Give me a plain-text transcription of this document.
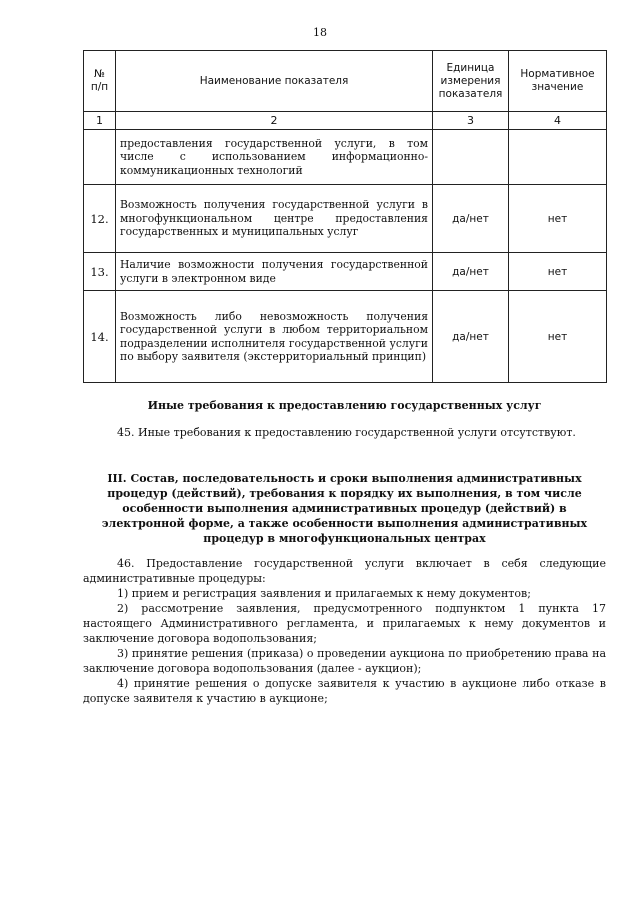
18
№ п/п	Наименование показателя	Единица измерения показателя	Нормативное значение
1	2	3	4
	предоставления государственной услуги, в том числе с использованием информационно-коммуникационных технологий		
12.	Возможность получения государственной услуги в многофункциональном центре предоставления государственных и муниципальных услуг	да/нет	нет
13.	Наличие возможности получения государственной услуги в электронном виде	да/нет	нет
14.	Возможность либо невозможность получения государственной услуги в любом территориальном подразделении исполнителя государственной услуги по выбору заявителя (экстерриториальный принцип)	да/нет	нет
Иные требования к предоставлению государственных услуг

45. Иные требования к предоставлению государственной услуги отсутствуют.

III. Состав, последовательность и сроки выполнения административных процедур (действий), требования к порядку их выполнения, в том числе особенности выполнения административных процедур (действий) в электронной форме, а также особенности выполнения административных процедур в многофункциональных центрах

46. Предоставление государственной услуги включает в себя следующие административные процедуры:

1) прием и регистрация заявления и прилагаемых к нему документов;

2) рассмотрение заявления, предусмотренного подпунктом 1 пункта 17 настоящего Административного регламента, и прилагаемых к нему документов и заключение договора водопользования;

3) принятие решения (приказа) о проведении аукциона по приобретению права на заключение договора водопользования (далее - аукцион);

4) принятие решения о допуске заявителя к участию в аукционе либо отказе в допуске заявителя к участию в аукционе;
